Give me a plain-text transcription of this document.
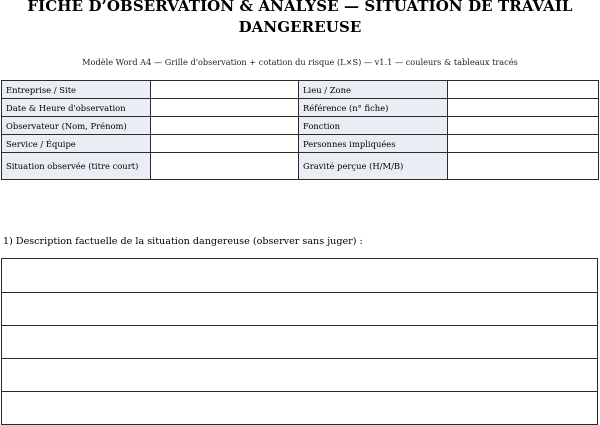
FICHE D’OBSERVATION & ANALYSE — SITUATION DE TRAVAIL
DANGEREUSE
Modèle Word A4 — Grille d'observation + cotation du risque (L×S) — v1.1 — couleurs & tableaux tracés
Entreprise / Site		Lieu / Zone	
Date & Heure d'observation		Référence (n° fiche)	
Observateur (Nom, Prénom)		Fonction	
Service / Équipe		Personnes impliquées	
Situation observée (titre court)		Gravité perçue (H/M/B)	
1) Description factuelle de la situation dangereuse (observer sans juger) :
